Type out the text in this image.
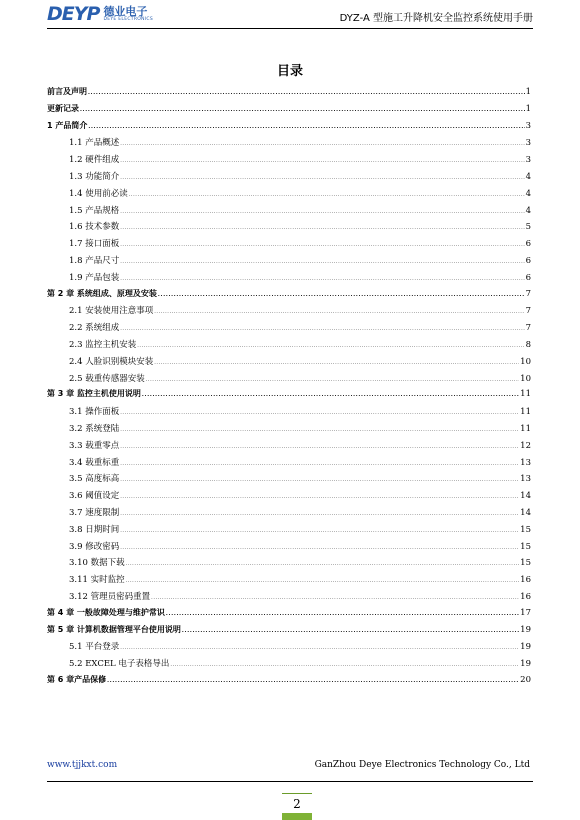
DEYP 德业电子
DEYE ELECTRONICS	DYZ-A 型施工升降机安全监控系统使用手册
目录
前言及声明 . . .	1
更新记录 . . .	1
1 产品简介 . . .	3
1.1 产品概述 . . .	3
1.2 硬件组成 . . .	3
1.3 功能简介 . . .	4
1.4 使用前必读 . . .	4
1.5 产品规格 . . .	4
1.6 技术参数 . . .	5
1.7 接口面板 . . .	6
1.8 产品尺寸 . . .	6
1.9 产品包装 . . .	6
第 2 章 系统组成、原理及安装 . . .	7
2.1 安装使用注意事项 . . .	7
2.2 系统组成 . . .	7
2.3 监控主机安装 . . .	8
2.4 人脸识别模块安装 . . .	10
2.5 载重传感器安装 . . .	10
第 3 章 监控主机使用说明 . . .	11
3.1 操作面板 . . .	11
3.2 系统登陆 . . .	11
3.3 载重零点 . . .	12
3.4 载重标重 . . .	13
3.5 高度标高 . . .	13
3.6 阈值设定 . . .	14
3.7 速度限制 . . .	14
3.8 日期时间 . . .	15
3.9 修改密码 . . .	15
3.10 数据下载 . . .	15
3.11 实时监控 . . .	16
3.12 管理员密码重置 . . .	16
第 4 章 一般故障处理与维护常识 . . .	17
第 5 章 计算机数据管理平台使用说明 . . .	19
5.1 平台登录 . . .	19
5.2 EXCEL 电子表格导出 . . .	19
第 6 章产品保修 . . .	20
www.tjjkxt.com	GanZhou Deye Electronics Technology Co., Ltd
2
